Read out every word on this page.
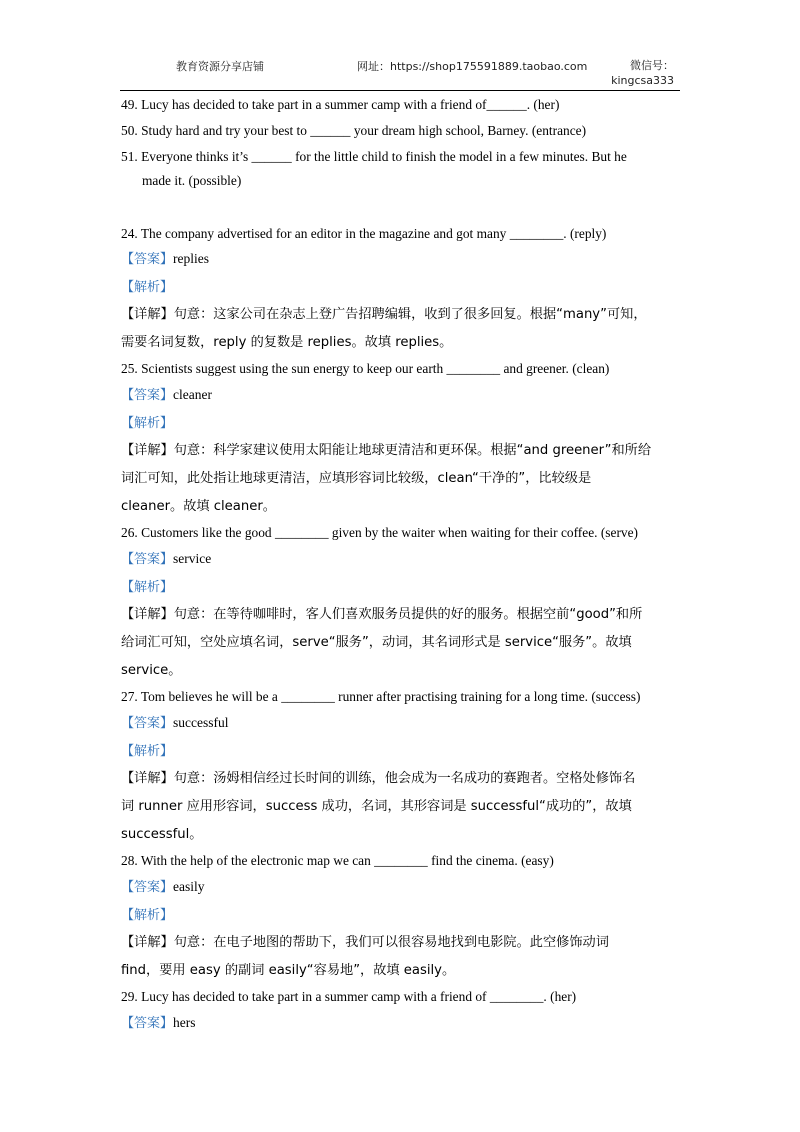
教育资源分享店铺	网址：https://shop175591889.taobao.com	微信号：
kingcsa333
49. Lucy has decided to take part in a summer camp with a friend of______. (her)
50. Study hard and try your best to ______ your dream high school, Barney. (entrance)
51. Everyone thinks it’s ______ for the little child to finish the model in a few minutes. But he
made it. (possible)
24. The company advertised for an editor in the magazine and got many ________. (reply)
【答案】replies
【解析】
【详解】句意：这家公司在杂志上登广告招聘编辑，收到了很多回复。根据“many”可知，
需要名词复数，reply 的复数是 replies。故填 replies。
25. Scientists suggest using the sun energy to keep our earth ________ and greener. (clean)
【答案】cleaner
【解析】
【详解】句意：科学家建议使用太阳能让地球更清洁和更环保。根据“and greener”和所给
词汇可知，此处指让地球更清洁，应填形容词比较级，clean“干净的”，比较级是
cleaner。故填 cleaner。
26. Customers like the good ________ given by the waiter when waiting for their coffee. (serve)
【答案】service
【解析】
【详解】句意：在等待咖啡时，客人们喜欢服务员提供的好的服务。根据空前“good”和所
给词汇可知，空处应填名词，serve“服务”，动词，其名词形式是 service“服务”。故填
service。
27. Tom believes he will be a ________ runner after practising training for a long time. (success)
【答案】successful
【解析】
【详解】句意：汤姆相信经过长时间的训练，他会成为一名成功的赛跑者。空格处修饰名
词 runner 应用形容词，success 成功，名词，其形容词是 successful“成功的”，故填
successful。
28. With the help of the electronic map we can ________ find the cinema. (easy)
【答案】easily
【解析】
【详解】句意：在电子地图的帮助下，我们可以很容易地找到电影院。此空修饰动词
find，要用 easy 的副词 easily“容易地”，故填 easily。
29. Lucy has decided to take part in a summer camp with a friend of ________. (her)
【答案】hers
